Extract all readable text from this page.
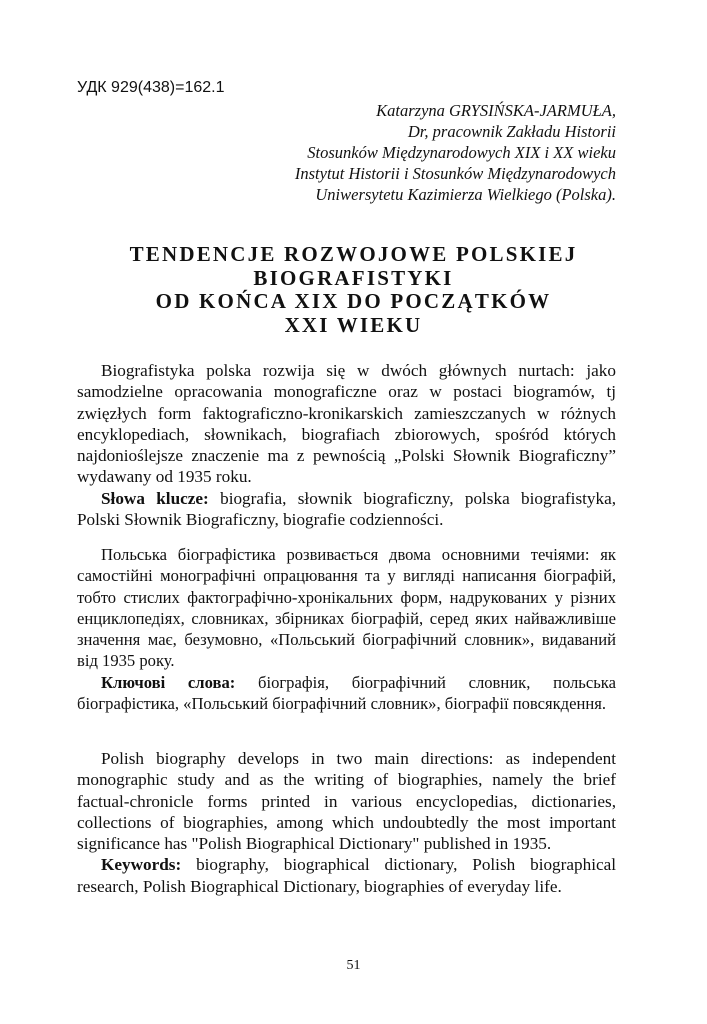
УДК 929(438)=162.1
Katarzyna GRYSIŃSKA-JARMUŁA,
Dr, pracownik Zakładu Historii
Stosunków Międzynarodowych XIX i XX wieku
Instytut Historii i Stosunków Międzynarodowych
Uniwersytetu Kazimierza Wielkiego (Polska).
TENDENCJE ROZWOJOWE POLSKIEJ
BIOGRAFISTYKI
OD KOŃCA XIX DO POCZĄTKÓW
XXI WIEKU

Biografistyka polska rozwija się w dwóch głównych nurtach: jako samodzielne opracowania monograficzne oraz w postaci biogramów, tj zwięzłych form faktograficzno-kronikarskich zamieszczanych w różnych encyklopediach, słownikach, biografiach zbiorowych, spośród których najdonioślejsze znaczenie ma z pewnością „Polski Słownik Biograficzny” wydawany od 1935 roku.

Słowa klucze: biografia, słownik biograficzny, polska biografistyka, Polski Słownik Biograficzny, biografie codzienności.

Польська біографістика розвивається двома основними течіями: як самостійні монографічні опрацювання та у вигляді написання біографій, тобто стислих фактографічно-хронікальних форм, надрукованих у різних енциклопедіях, словниках, збірниках біографій, серед яких найважливіше значення має, безумовно, «Польський біографічний словник», видаваний від 1935 року.

Ключові слова: біографія, біографічний словник, польська біографістика, «Польський біографічний словник», біографії повсякдення.

Polish biography develops in two main directions: as independent monographic study and as the writing of biographies, namely the brief factual-chronicle forms printed in various encyclopedias, dictionaries, collections of biographies, among which undoubtedly the most important significance has "Polish Biographical Dictionary" published in 1935.

Keywords: biography, biographical dictionary, Polish biographical research, Polish Biographical Dictionary, biographies of everyday life.

51
